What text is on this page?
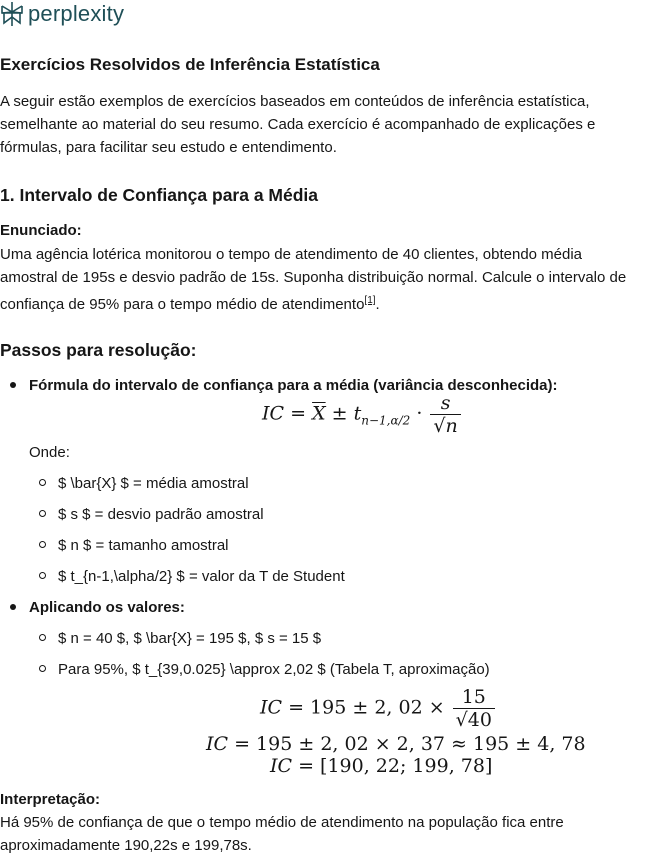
perplexity
Exercícios Resolvidos de Inferência Estatística
A seguir estão exemplos de exercícios baseados em conteúdos de inferência estatística,
semelhante ao material do seu resumo. Cada exercício é acompanhado de explicações e
fórmulas, para facilitar seu estudo e entendimento.
1. Intervalo de Confiança para a Média
Enunciado:
Uma agência lotérica monitorou o tempo de atendimento de 40 clientes, obtendo média
amostral de 195s e desvio padrão de 15s. Suponha distribuição normal. Calcule o intervalo de
confiança de 95% para o tempo médio de atendimento[1].
Passos para resolução:
Fórmula do intervalo de confiança para a média (variância desconhecida):
IC = $\overline{X} \pm t_{n-1,\alpha/2} \cdot \frac{s}{√n}$
Onde:
$ \bar{X} $ = média amostral
$ s $ = desvio padrão amostral
$ n $ = tamanho amostral
$ t_{n-1,\alpha/2} $ = valor da T de Student
Aplicando os valores:
$ n = 40 $, $ \bar{X} = 195 $, $ s = 15 $
Para 95%, $ t_{39,0.025} \approx 2,02 $ (Tabela T, aproximação)
IC = 195 ± 2, $02 \times \frac{15}{√40}$
IC = 195 ± 2, 02 × 2, 37 ≈ 195 ± 4, 78
IC = [190, 22; 199, 78]
Interpretação:
Há 95% de confiança de que o tempo médio de atendimento na população fica entre
aproximadamente 190,22s e 199,78s.
